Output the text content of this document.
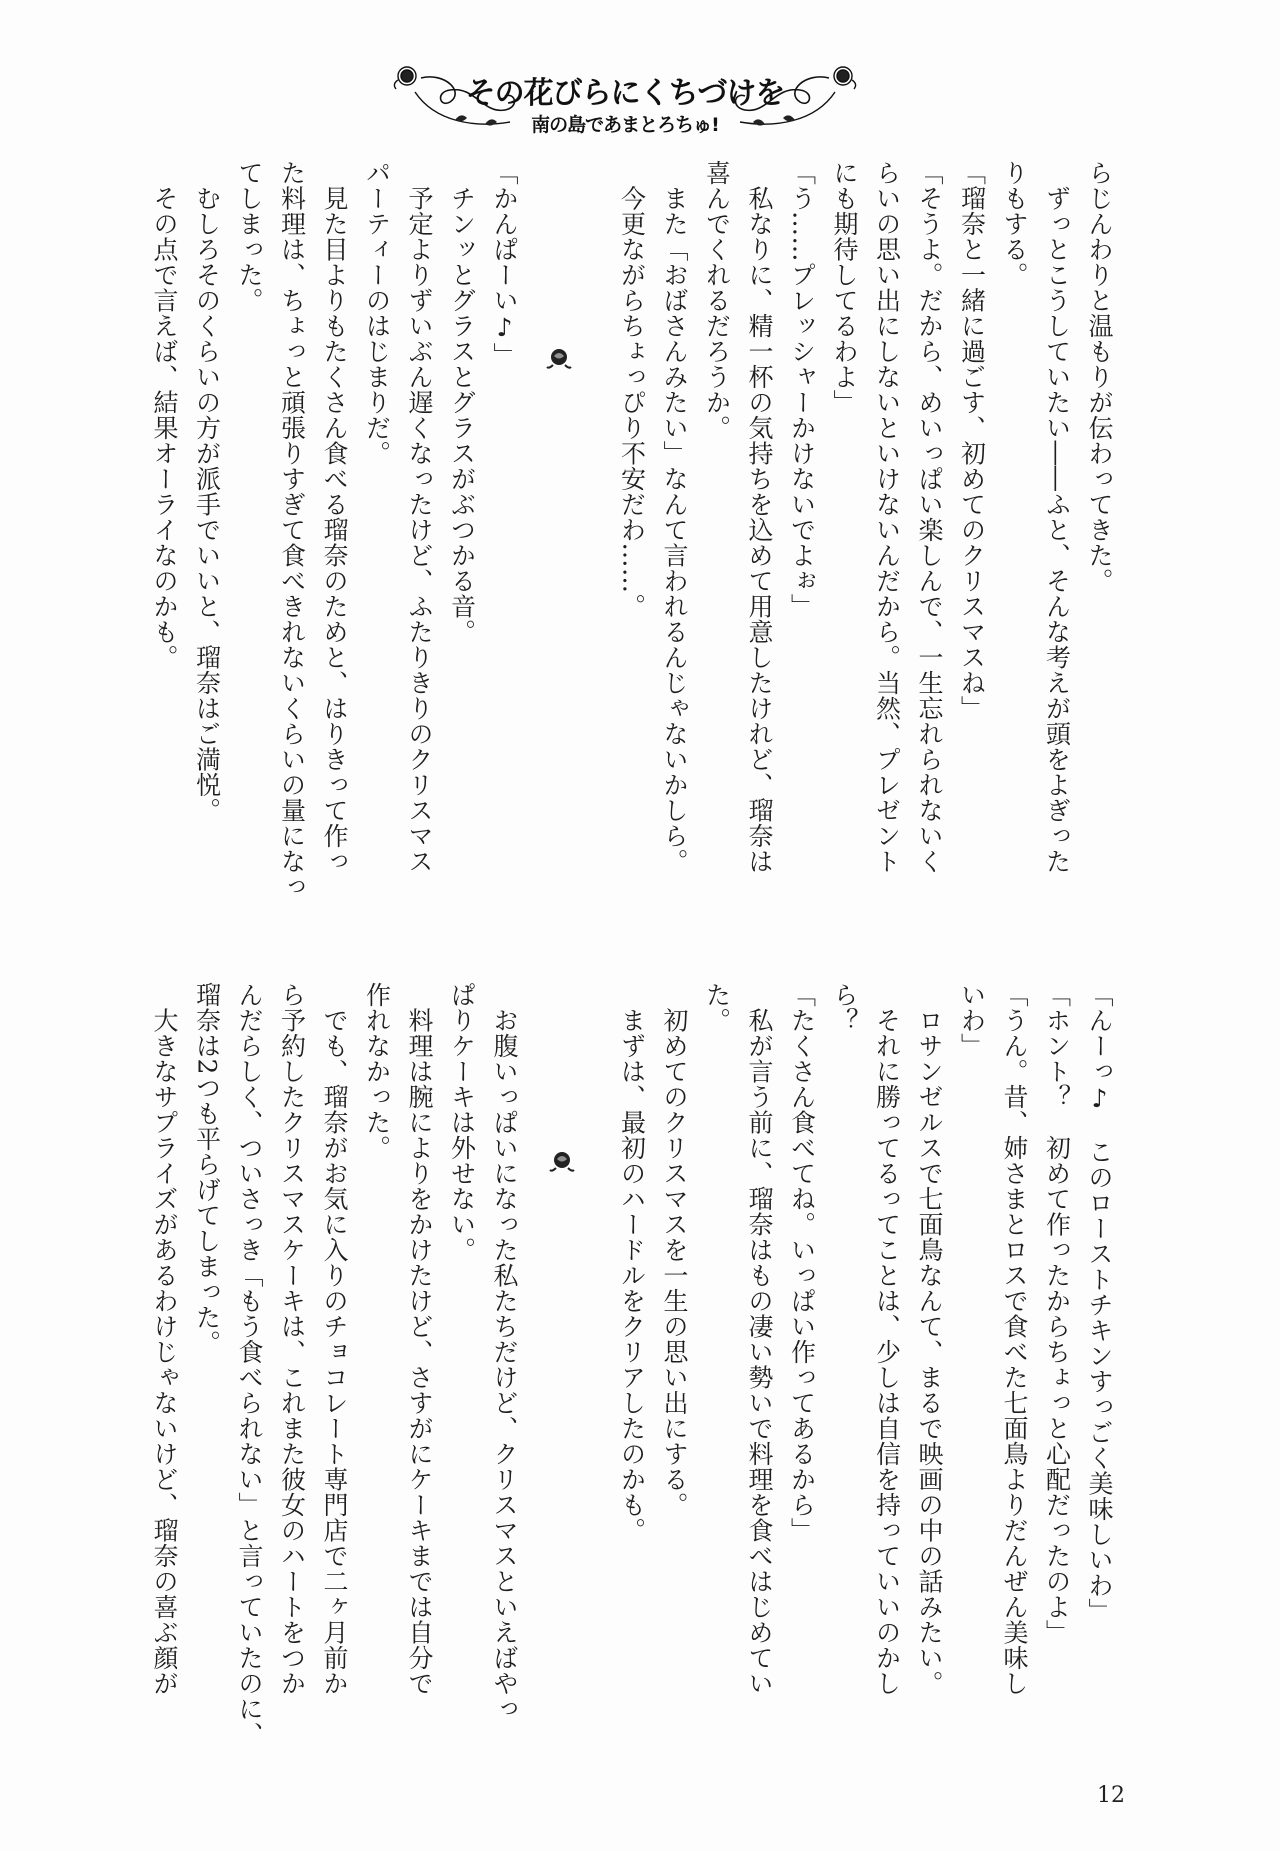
その花びらにくちづけを
南の島であまとろちゅ!

らじんわりと温もりが伝わってきた。

　ずっとこうしていたい――ふと、そんな考えが頭をよぎった

りもする。

「瑠奈と一緒に過ごす、初めてのクリスマスね」

「そうよ。だから、めいっぱい楽しんで、一生忘れられないく

らいの思い出にしないといけないんだから。当然、プレゼント

にも期待してるわよ」

「う……プレッシャーかけないでよぉ」

　私なりに、精一杯の気持ちを込めて用意したけれど、瑠奈は

喜んでくれるだろうか。

　また「おばさんみたい」なんて言われるんじゃないかしら。

　今更ながらちょっぴり不安だわ……。

「かんぱーい♪」

　チンッとグラスとグラスがぶつかる音。

　予定よりずいぶん遅くなったけど、ふたりきりのクリスマス

パーティーのはじまりだ。

　見た目よりもたくさん食べる瑠奈のためと、はりきって作っ

た料理は、ちょっと頑張りすぎて食べきれないくらいの量になっ

てしまった。

　むしろそのくらいの方が派手でいいと、瑠奈はご満悦。

　その点で言えば、結果オーライなのかも。

「んーっ♪　このローストチキンすっごく美味しいわ」

「ホント？　初めて作ったからちょっと心配だったのよ」

「うん。昔、姉さまとロスで食べた七面鳥よりだんぜん美味し

いわ」

　ロサンゼルスで七面鳥なんて、まるで映画の中の話みたい。

　それに勝ってるってことは、少しは自信を持っていいのかし

ら？

「たくさん食べてね。いっぱい作ってあるから」

　私が言う前に、瑠奈はもの凄い勢いで料理を食べはじめてい

た。

　初めてのクリスマスを一生の思い出にする。

　まずは、最初のハードルをクリアしたのかも。

　お腹いっぱいになった私たちだけど、クリスマスといえばやっ

ぱりケーキは外せない。

　料理は腕によりをかけたけど、さすがにケーキまでは自分で

作れなかった。

　でも、瑠奈がお気に入りのチョコレート専門店で二ヶ月前か

ら予約したクリスマスケーキは、これまた彼女のハートをつか

んだらしく、ついさっき「もう食べられない」と言っていたのに、

瑠奈は2つも平らげてしまった。

　大きなサプライズがあるわけじゃないけど、瑠奈の喜ぶ顔が

12
